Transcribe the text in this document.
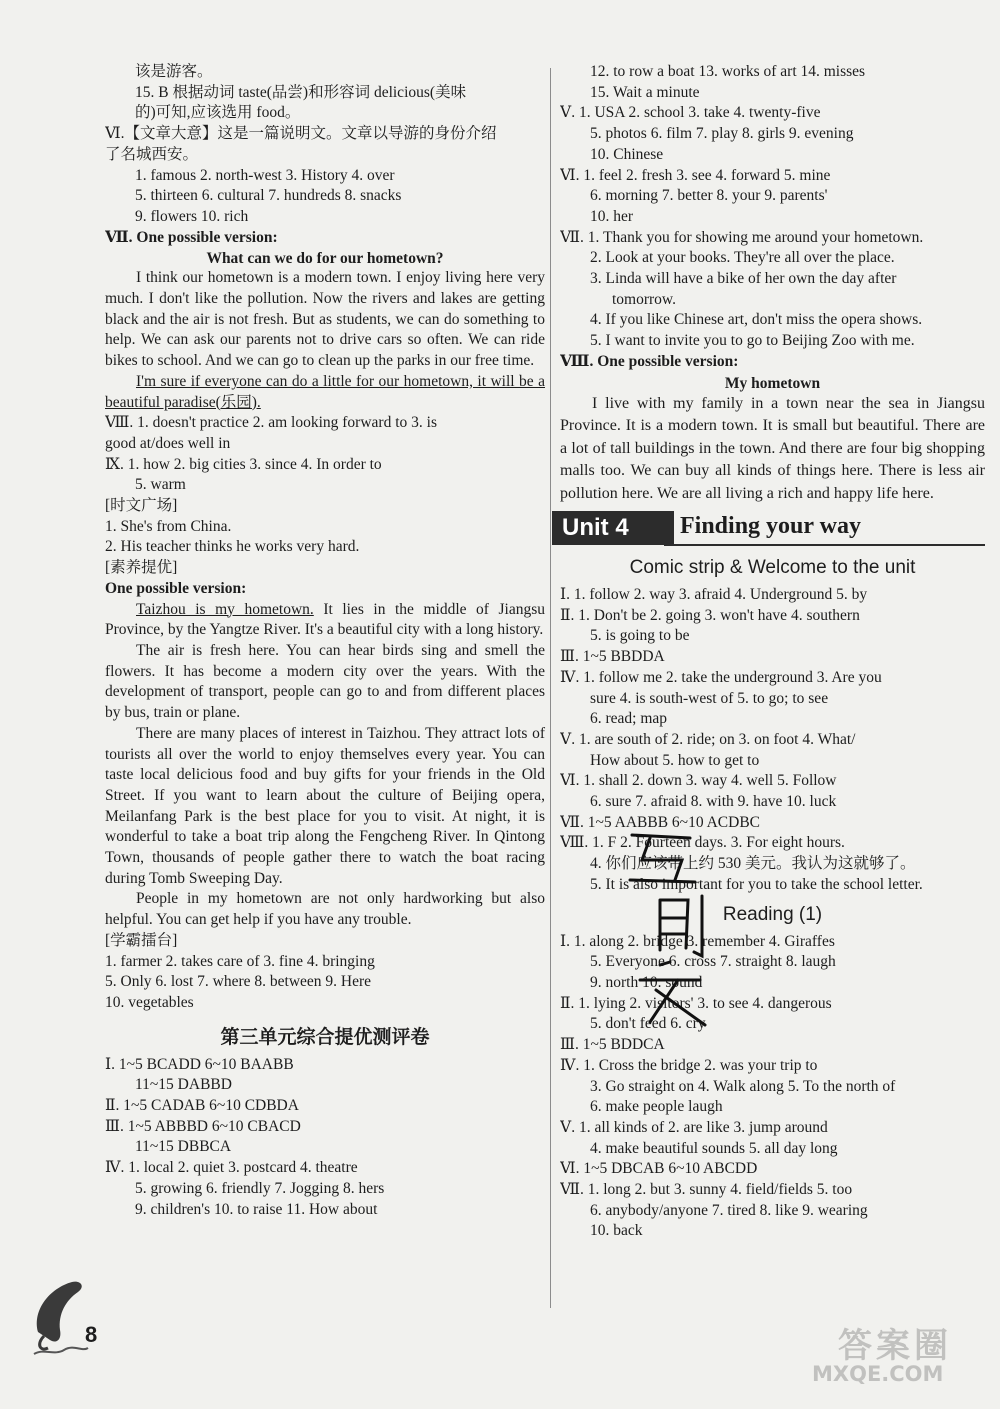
该是游客。
15. B 根据动词 taste(品尝)和形容词 delicious(美味
的)可知,应该选用 food。
Ⅵ.【文章大意】这是一篇说明文。文章以导游的身份介绍
了名城西安。
1. famous 2. north-west 3. History 4. over
5. thirteen 6. cultural 7. hundreds 8. snacks
9. flowers 10. rich
Ⅶ. One possible version:
What can we do for our hometown?

I think our hometown is a modern town. I enjoy living here very much. I don't like the pollution. Now the rivers and lakes are getting black and the air is not fresh. But as students, we can do something to help. We can ask our parents not to drive cars so often. We can ride bikes to school. And we can go to clean up the parks in our free time.

I'm sure if everyone can do a little for our hometown, it will be a beautiful paradise(乐园).

Ⅷ. 1. doesn't practice 2. am looking forward to 3. is
good at/does well in
Ⅸ. 1. how 2. big cities 3. since 4. In order to
5. warm
[时文广场]
1. She's from China.
2. His teacher thinks he works very hard.
[素养提优]
One possible version:

Taizhou is my hometown. It lies in the middle of Jiangsu Province, by the Yangtze River. It's a beautiful city with a long history.

The air is fresh here. You can hear birds sing and smell the flowers. It has become a modern city over the years. With the development of transport, people can go to and from different places by bus, train or plane.

There are many places of interest in Taizhou. They attract lots of tourists all over the world to enjoy themselves every year. You can taste local delicious food and buy gifts for your friends in the Old Street. If you want to learn about the culture of Beijing opera, Meilanfang Park is the best place for you to visit. At night, it is wonderful to take a boat trip along the Fengcheng River. In Qintong Town, thousands of people gather there to watch the boat racing during Tomb Sweeping Day.

People in my hometown are not only hardworking but also helpful. You can get help if you have any trouble.

[学霸擂台]
1. farmer 2. takes care of 3. fine 4. bringing
5. Only 6. lost 7. where 8. between 9. Here
10. vegetables
第三单元综合提优测评卷
Ⅰ. 1~5 BCADD 6~10 BAABB
11~15 DABBD
Ⅱ. 1~5 CADAB 6~10 CDBDA
Ⅲ. 1~5 ABBBD 6~10 CBACD
11~15 DBBCA
Ⅳ. 1. local 2. quiet 3. postcard 4. theatre
5. growing 6. friendly 7. Jogging 8. hers
9. children's 10. to raise 11. How about
12. to row a boat 13. works of art 14. misses
15. Wait a minute
Ⅴ. 1. USA 2. school 3. take 4. twenty-five
5. photos 6. film 7. play 8. girls 9. evening
10. Chinese
Ⅵ. 1. feel 2. fresh 3. see 4. forward 5. mine
6. morning 7. better 8. your 9. parents'
10. her
Ⅶ. 1. Thank you for showing me around your hometown.
2. Look at your books. They're all over the place.
3. Linda will have a bike of her own the day after
tomorrow.
4. If you like Chinese art, don't miss the opera shows.
5. I want to invite you to go to Beijing Zoo with me.
Ⅷ. One possible version:
My hometown

I live with my family in a town near the sea in Jiangsu Province. It is a modern town. It is small but beautiful. There are a lot of tall buildings in the town. And there are four big shopping malls too. We can buy all kinds of things here. There is less air pollution here. We are all living a rich and happy life here.

Unit 4	Finding your way
Comic strip & Welcome to the unit
Ⅰ. 1. follow 2. way 3. afraid 4. Underground 5. by
Ⅱ. 1. Don't be 2. going 3. won't have 4. southern
5. is going to be
Ⅲ. 1~5 BBDDA
Ⅳ. 1. follow me 2. take the underground 3. Are you
sure 4. is south-west of 5. to go; to see
6. read; map
Ⅴ. 1. are south of 2. ride; on 3. on foot 4. What/
How about 5. how to get to
Ⅵ. 1. shall 2. down 3. way 4. well 5. Follow
6. sure 7. afraid 8. with 9. have 10. luck
Ⅶ. 1~5 AABBB 6~10 ACDBC
Ⅷ. 1. F 2. Fourteen days. 3. For eight hours.
4. 你们应该带上约 530 美元。我认为这就够了。
5. It is also important for you to take the school letter.
Reading (1)
Ⅰ. 1. along 2. bridge 3. remember 4. Giraffes
5. Everyone 6. cross 7. straight 8. laugh
9. north 10. sound
Ⅱ. 1. lying 2. visitors' 3. to see 4. dangerous
5. don't feed 6. cry
Ⅲ. 1~5 BDDCA
Ⅳ. 1. Cross the bridge 2. was your trip to
3. Go straight on 4. Walk along 5. To the north of
6. make people laugh
Ⅴ. 1. all kinds of 2. are like 3. jump around
4. make beautiful sounds 5. all day long
Ⅵ. 1~5 DBCAB 6~10 ABCDD
Ⅶ. 1. long 2. but 3. sunny 4. field/fields 5. too
6. anybody/anyone 7. tired 8. like 9. wearing
10. back
8	答案圈
MXQE.COM
